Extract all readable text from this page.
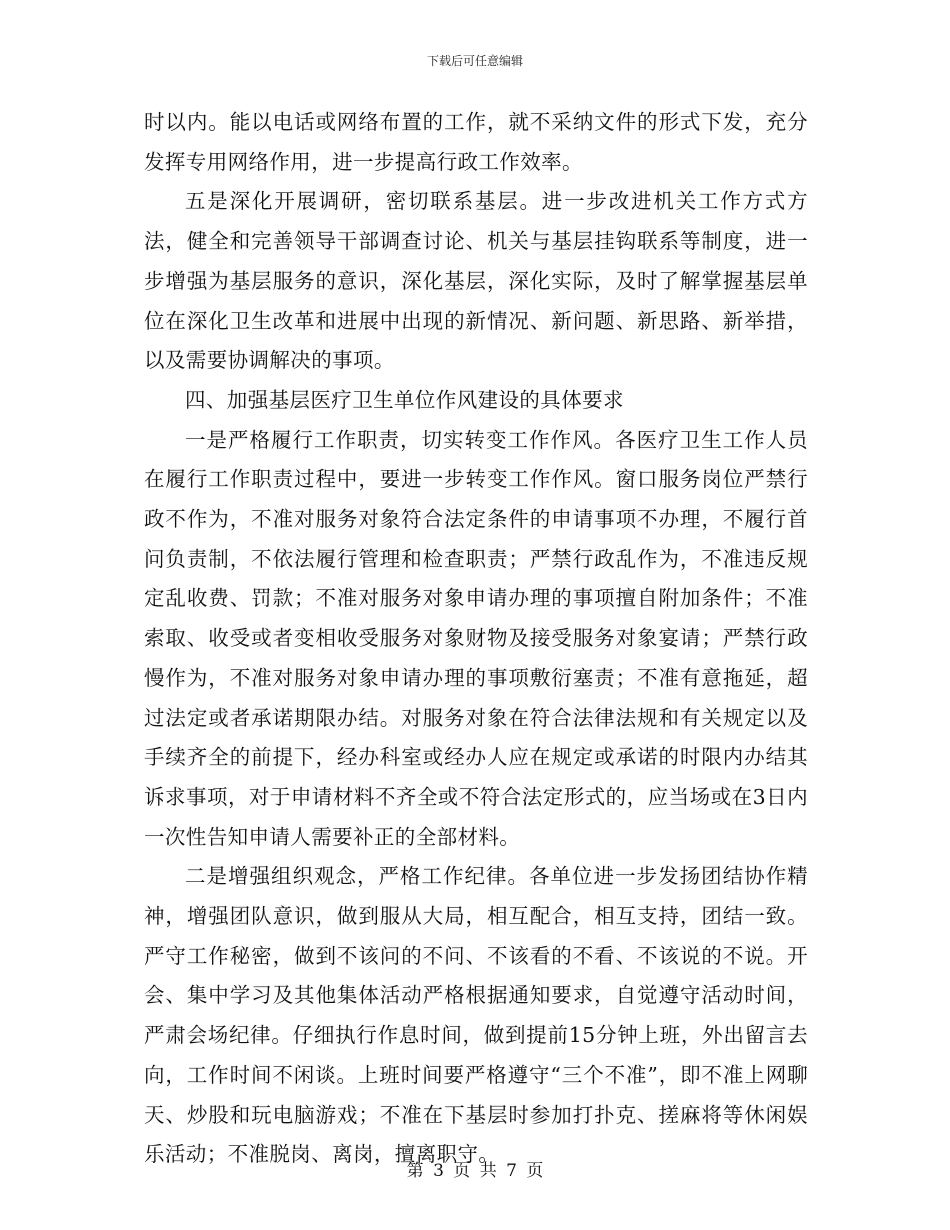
下载后可任意编辑

时以内。能以电话或网络布置的工作，就不采纳文件的形式下发，充分发挥专用网络作用，进一步提高行政工作效率。

五是深化开展调研，密切联系基层。进一步改进机关工作方式方法，健全和完善领导干部调查讨论、机关与基层挂钩联系等制度，进一步增强为基层服务的意识，深化基层，深化实际，及时了解掌握基层单位在深化卫生改革和进展中出现的新情况、新问题、新思路、新举措，以及需要协调解决的事项。

四、加强基层医疗卫生单位作风建设的具体要求

一是严格履行工作职责，切实转变工作作风。各医疗卫生工作人员在履行工作职责过程中，要进一步转变工作作风。窗口服务岗位严禁行政不作为，不准对服务对象符合法定条件的申请事项不办理，不履行首问负责制，不依法履行管理和检查职责；严禁行政乱作为，不准违反规定乱收费、罚款；不准对服务对象申请办理的事项擅自附加条件；不准索取、收受或者变相收受服务对象财物及接受服务对象宴请；严禁行政慢作为，不准对服务对象申请办理的事项敷衍塞责；不准有意拖延，超过法定或者承诺期限办结。对服务对象在符合法律法规和有关规定以及手续齐全的前提下，经办科室或经办人应在规定或承诺的时限内办结其诉求事项，对于申请材料不齐全或不符合法定形式的，应当场或在3日内一次性告知申请人需要补正的全部材料。

二是增强组织观念，严格工作纪律。各单位进一步发扬团结协作精神，增强团队意识，做到服从大局，相互配合，相互支持，团结一致。严守工作秘密，做到不该问的不问、不该看的不看、不该说的不说。开会、集中学习及其他集体活动严格根据通知要求，自觉遵守活动时间，严肃会场纪律。仔细执行作息时间，做到提前15分钟上班，外出留言去向，工作时间不闲谈。上班时间要严格遵守“三个不准”，即不准上网聊天、炒股和玩电脑游戏；不准在下基层时参加打扑克、搓麻将等休闲娱乐活动；不准脱岗、离岗，擅离职守。

第 3 页 共 7 页
